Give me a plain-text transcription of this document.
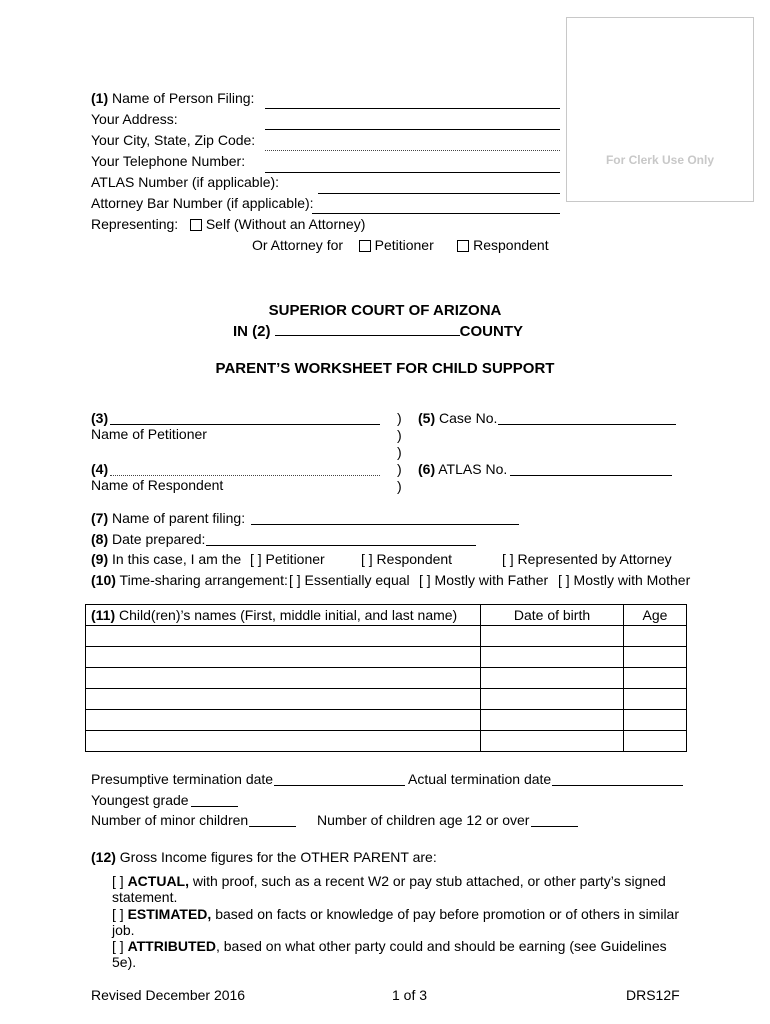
For Clerk Use Only
(1) Name of Person Filing:
Your Address:
Your City, State, Zip Code:
Your Telephone Number:
ATLAS Number (if applicable):
Attorney Bar Number (if applicable):
Representing: Self (Without an Attorney)
Or Attorney for Petitioner	Respondent
SUPERIOR COURT OF ARIZONA
IN (2)	COUNTY
PARENT’S WORKSHEET FOR CHILD SUPPORT
(3)
Name of Petitioner
(4)
Name of Respondent
)
)
)
)
)
(5) Case No.
(6) ATLAS No.
(7) Name of parent filing:
(8) Date prepared:
(9) In this case, I am the [ ] Petitioner	[ ] Respondent	[ ] Represented by Attorney
(10) Time-sharing arrangement: [ ] Essentially equal [ ] Mostly with Father [ ] Mostly with Mother
(11) Child(ren)’s names (First, middle initial, and last name)	Date of birth	Age

Presumptive termination date	Actual termination date
Youngest grade
Number of minor children	Number of children age 12 or over
(12) Gross Income figures for the OTHER PARENT are:
[ ] ACTUAL, with proof, such as a recent W2 or pay stub attached, or other party’s signed statement.
[ ] ESTIMATED, based on facts or knowledge of pay before promotion or of others in similar job.
[ ] ATTRIBUTED, based on what other party could and should be earning (see Guidelines 5e).
Revised December 2016	1 of 3	DRS12F
